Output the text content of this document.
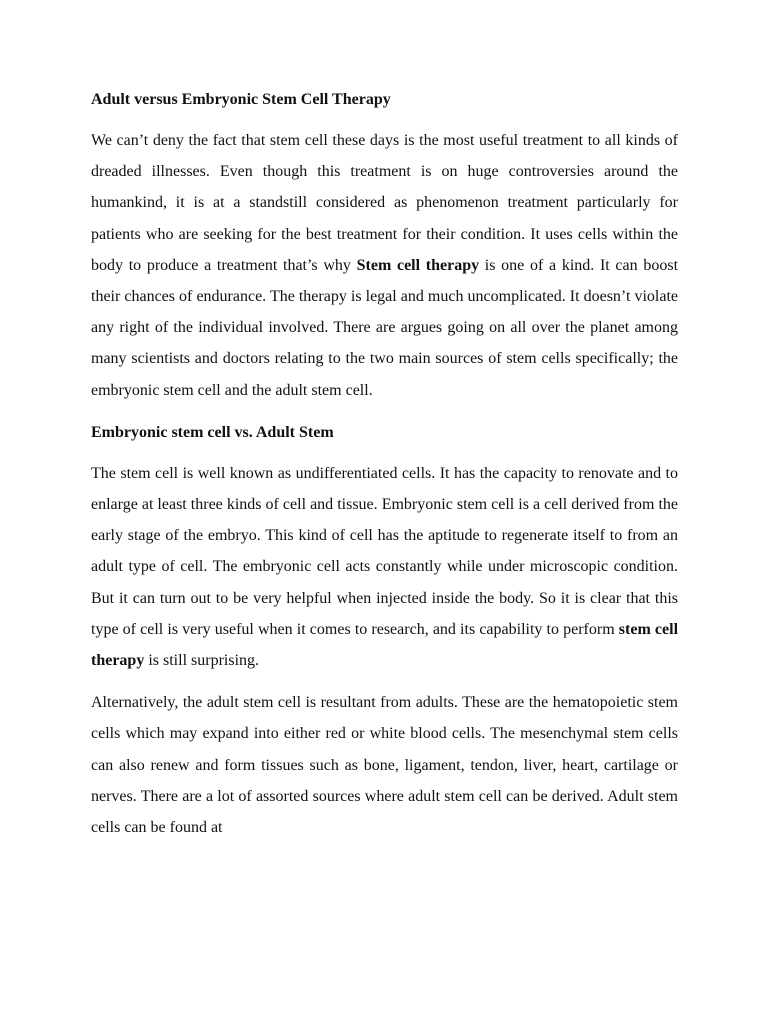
Adult versus Embryonic Stem Cell Therapy

We can’t deny the fact that stem cell these days is the most useful treatment to all kinds of dreaded illnesses. Even though this treatment is on huge controversies around the humankind, it is at a standstill considered as phenomenon treatment particularly for patients who are seeking for the best treatment for their condition. It uses cells within the body to produce a treatment that’s why Stem cell therapy is one of a kind. It can boost their chances of endurance. The therapy is legal and much uncomplicated. It doesn’t violate any right of the individual involved. There are argues going on all over the planet among many scientists and doctors relating to the two main sources of stem cells specifically; the embryonic stem cell and the adult stem cell.

Embryonic stem cell vs. Adult Stem

The stem cell is well known as undifferentiated cells. It has the capacity to renovate and to enlarge at least three kinds of cell and tissue. Embryonic stem cell is a cell derived from the early stage of the embryo. This kind of cell has the aptitude to regenerate itself to from an adult type of cell. The embryonic cell acts constantly while under microscopic condition. But it can turn out to be very helpful when injected inside the body. So it is clear that this type of cell is very useful when it comes to research, and its capability to perform stem cell therapy is still surprising.

Alternatively, the adult stem cell is resultant from adults. These are the hematopoietic stem cells which may expand into either red or white blood cells. The mesenchymal stem cells can also renew and form tissues such as bone, ligament, tendon, liver, heart, cartilage or nerves. There are a lot of assorted sources where adult stem cell can be derived. Adult stem cells can be found at
